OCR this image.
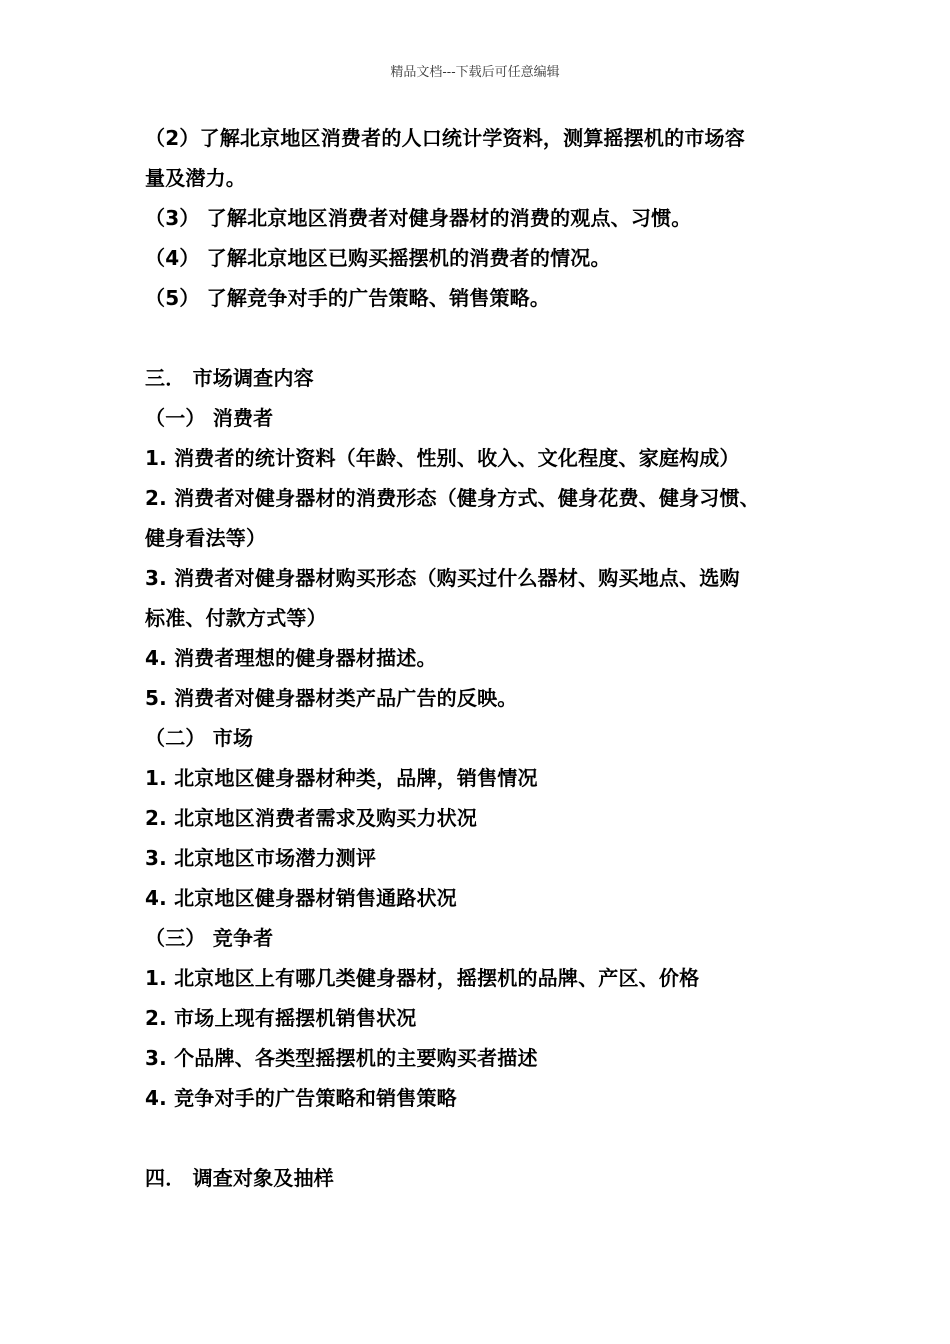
精品文档---下载后可任意编辑
（2）了解北京地区消费者的人口统计学资料，测算摇摆机的市场容
量及潜力。
（3） 了解北京地区消费者对健身器材的消费的观点、习惯。
（4） 了解北京地区已购买摇摆机的消费者的情况。
（5） 了解竞争对手的广告策略、销售策略。
三． 市场调查内容
（一） 消费者
1. 消费者的统计资料（年龄、性别、收入、文化程度、家庭构成）
2. 消费者对健身器材的消费形态（健身方式、健身花费、健身习惯、
健身看法等）
3. 消费者对健身器材购买形态（购买过什么器材、购买地点、选购
标准、付款方式等）
4. 消费者理想的健身器材描述。
5. 消费者对健身器材类产品广告的反映。
（二） 市场
1. 北京地区健身器材种类，品牌，销售情况
2. 北京地区消费者需求及购买力状况
3. 北京地区市场潜力测评
4. 北京地区健身器材销售通路状况
（三） 竞争者
1. 北京地区上有哪几类健身器材，摇摆机的品牌、产区、价格
2. 市场上现有摇摆机销售状况
3. 个品牌、各类型摇摆机的主要购买者描述
4. 竞争对手的广告策略和销售策略
四． 调查对象及抽样
